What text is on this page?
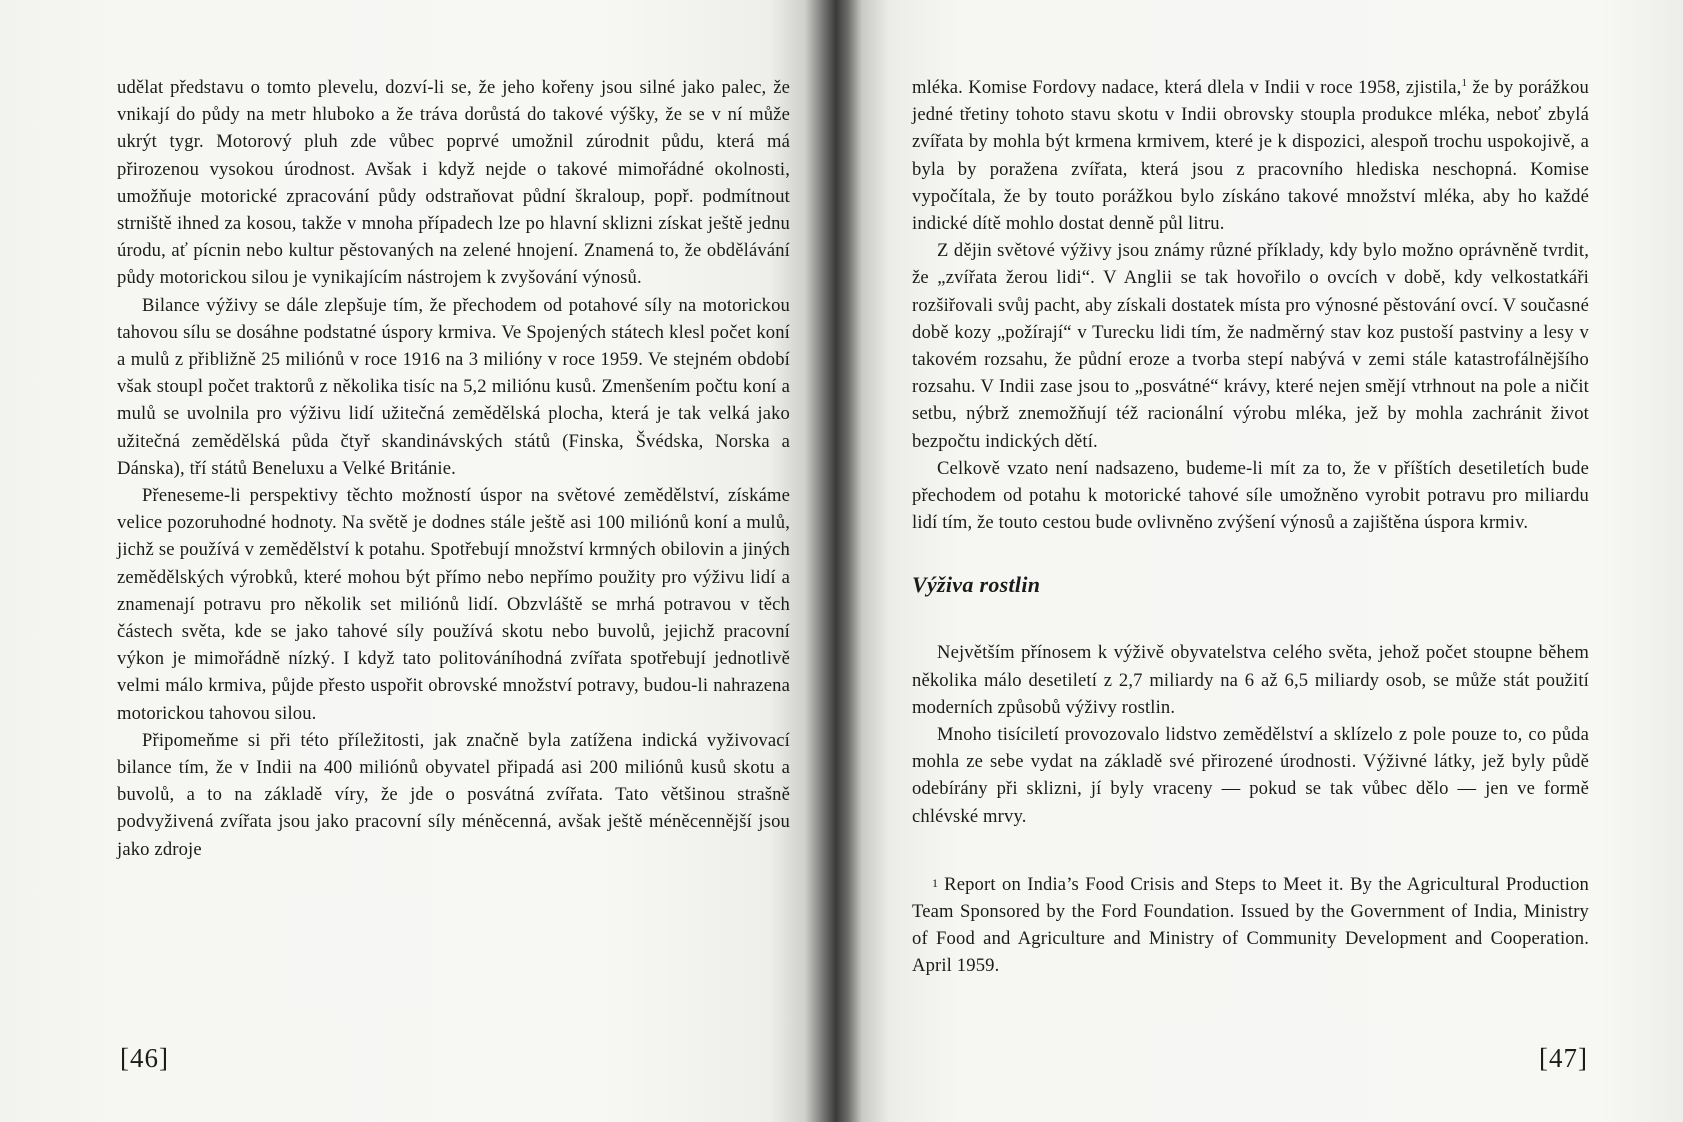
udělat představu o tomto plevelu, dozví-li se, že jeho kořeny jsou silné jako palec, že vnikají do půdy na metr hluboko a že tráva dorůstá do takové výšky, že se v ní může ukrýt tygr. Motorový pluh zde vůbec poprvé umožnil zúrodnit půdu, která má přirozenou vysokou úrodnost. Avšak i když nejde o takové mimořádné okolnosti, umožňuje motorické zpracování půdy odstraňovat půdní škraloup, popř. podmítnout strniště ihned za kosou, takže v mnoha případech lze po hlavní sklizni získat ještě jednu úrodu, ať pícnin nebo kultur pěstovaných na zelené hnojení. Znamená to, že obdělávání půdy motorickou silou je vynikajícím nástrojem k zvyšování výnosů.

Bilance výživy se dále zlepšuje tím, že přechodem od potahové síly na motorickou tahovou sílu se dosáhne podstatné úspory krmiva. Ve Spojených státech klesl počet koní a mulů z přibližně 25 miliónů v roce 1916 na 3 milióny v roce 1959. Ve stejném období však stoupl počet traktorů z několika tisíc na 5,2 miliónu kusů. Zmenšením počtu koní a mulů se uvolnila pro výživu lidí užitečná zemědělská plocha, která je tak velká jako užitečná zemědělská půda čtyř skandinávských států (Finska, Švédska, Norska a Dánska), tří států Beneluxu a Velké Británie.

Přeneseme-li perspektivy těchto možností úspor na světové zemědělství, získáme velice pozoruhodné hodnoty. Na světě je dodnes stále ještě asi 100 miliónů koní a mulů, jichž se používá v zemědělství k potahu. Spotřebují množství krmných obilovin a jiných zemědělských výrobků, které mohou být přímo nebo nepřímo použity pro výživu lidí a znamenají potravu pro několik set miliónů lidí. Obzvláště se mrhá potravou v těch částech světa, kde se jako tahové síly používá skotu nebo buvolů, jejichž pracovní výkon je mimořádně nízký. I když tato politováníhodná zvířata spotřebují jednotlivě velmi málo krmiva, půjde přesto uspořit obrovské množství potravy, budou-li nahrazena motorickou tahovou silou.

Připomeňme si při této příležitosti, jak značně byla zatížena indická vyživovací bilance tím, že v Indii na 400 miliónů obyvatel připadá asi 200 miliónů kusů skotu a buvolů, a to na základě víry, že jde o posvátná zvířata. Tato většinou strašně podvyživená zvířata jsou jako pracovní síly méněcenná, avšak ještě méněcennější jsou jako zdroje

[46]

mléka. Komise Fordovy nadace, která dlela v Indii v roce 1958, zjistila,$^1$ že by porážkou jedné třetiny tohoto stavu skotu v Indii obrovsky stoupla produkce mléka, neboť zbylá zvířata by mohla být krmena krmivem, které je k dispozici, alespoň trochu uspokojivě, a byla by poražena zvířata, která jsou z pracovního hlediska neschopná. Komise vypočítala, že by touto porážkou bylo získáno takové množství mléka, aby ho každé indické dítě mohlo dostat denně půl litru.

Z dějin světové výživy jsou známy různé příklady, kdy bylo možno oprávněně tvrdit, že „zvířata žerou lidi“. V Anglii se tak hovořilo o ovcích v době, kdy velkostatkáři rozšiřovali svůj pacht, aby získali dostatek místa pro výnosné pěstování ovcí. V současné době kozy „požírají“ v Turecku lidi tím, že nadměrný stav koz pustoší pastviny a lesy v takovém rozsahu, že půdní eroze a tvorba stepí nabývá v zemi stále katastrofálnějšího rozsahu. V Indii zase jsou to „posvátné“ krávy, které nejen smějí vtrhnout na pole a ničit setbu, nýbrž znemožňují též racionální výrobu mléka, jež by mohla zachránit život bezpočtu indických dětí.

Celkově vzato není nadsazeno, budeme-li mít za to, že v příštích desetiletích bude přechodem od potahu k motorické tahové síle umožněno vyrobit potravu pro miliardu lidí tím, že touto cestou bude ovlivněno zvýšení výnosů a zajištěna úspora krmiv.

Výživa rostlin

Největším přínosem k výživě obyvatelstva celého světa, jehož počet stoupne během několika málo desetiletí z 2,7 miliardy na 6 až 6,5 miliardy osob, se může stát použití moderních způsobů výživy rostlin.

Mnoho tisíciletí provozovalo lidstvo zemědělství a sklízelo z pole pouze to, co půda mohla ze sebe vydat na základě své přirozené úrodnosti. Výživné látky, jež byly půdě odebírány při sklizni, jí byly vraceny — pokud se tak vůbec dělo — jen ve formě chlévské mrvy.

1 Report on India’s Food Crisis and Steps to Meet it. By the Agricultural Production Team Sponsored by the Ford Foundation. Issued by the Government of India, Ministry of Food and Agriculture and Ministry of Community Development and Cooperation. April 1959.

[47]
